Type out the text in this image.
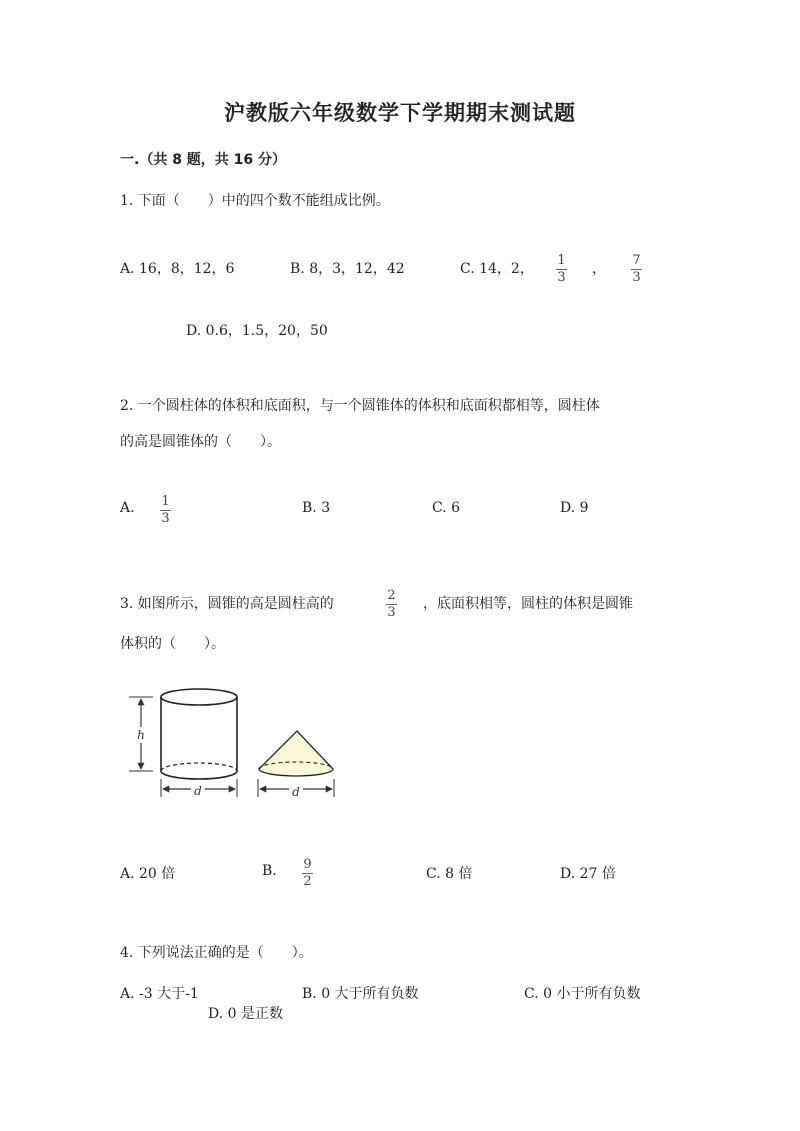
沪教版六年级数学下学期期末测试题
一.（共 8 题，共 16 分）
1. 下面（　　）中的四个数不能组成比例。
A. 16，8，12，6	B. 8，3，12，42	C. 14，2，
1
3
，
7
3
D. 0.6，1.5，20，50
2. 一个圆柱体的体积和底面积，与一个圆锥体的体积和底面积都相等，圆柱体
的高是圆锥体的（　　）。
A. 1
3
B. 3	C. 6	D. 9
3. 如图所示，圆锥的高是圆柱高的
2
3
，底面积相等，圆柱的体积是圆锥
体积的（　　）。
h
d	d
A. 20 倍	B. 9
2	C. 8 倍	D. 27 倍
4. 下列说法正确的是（　　）。
A. -3 大于-1	B. 0 大于所有负数	C. 0 小于所有负数
D. 0 是正数
